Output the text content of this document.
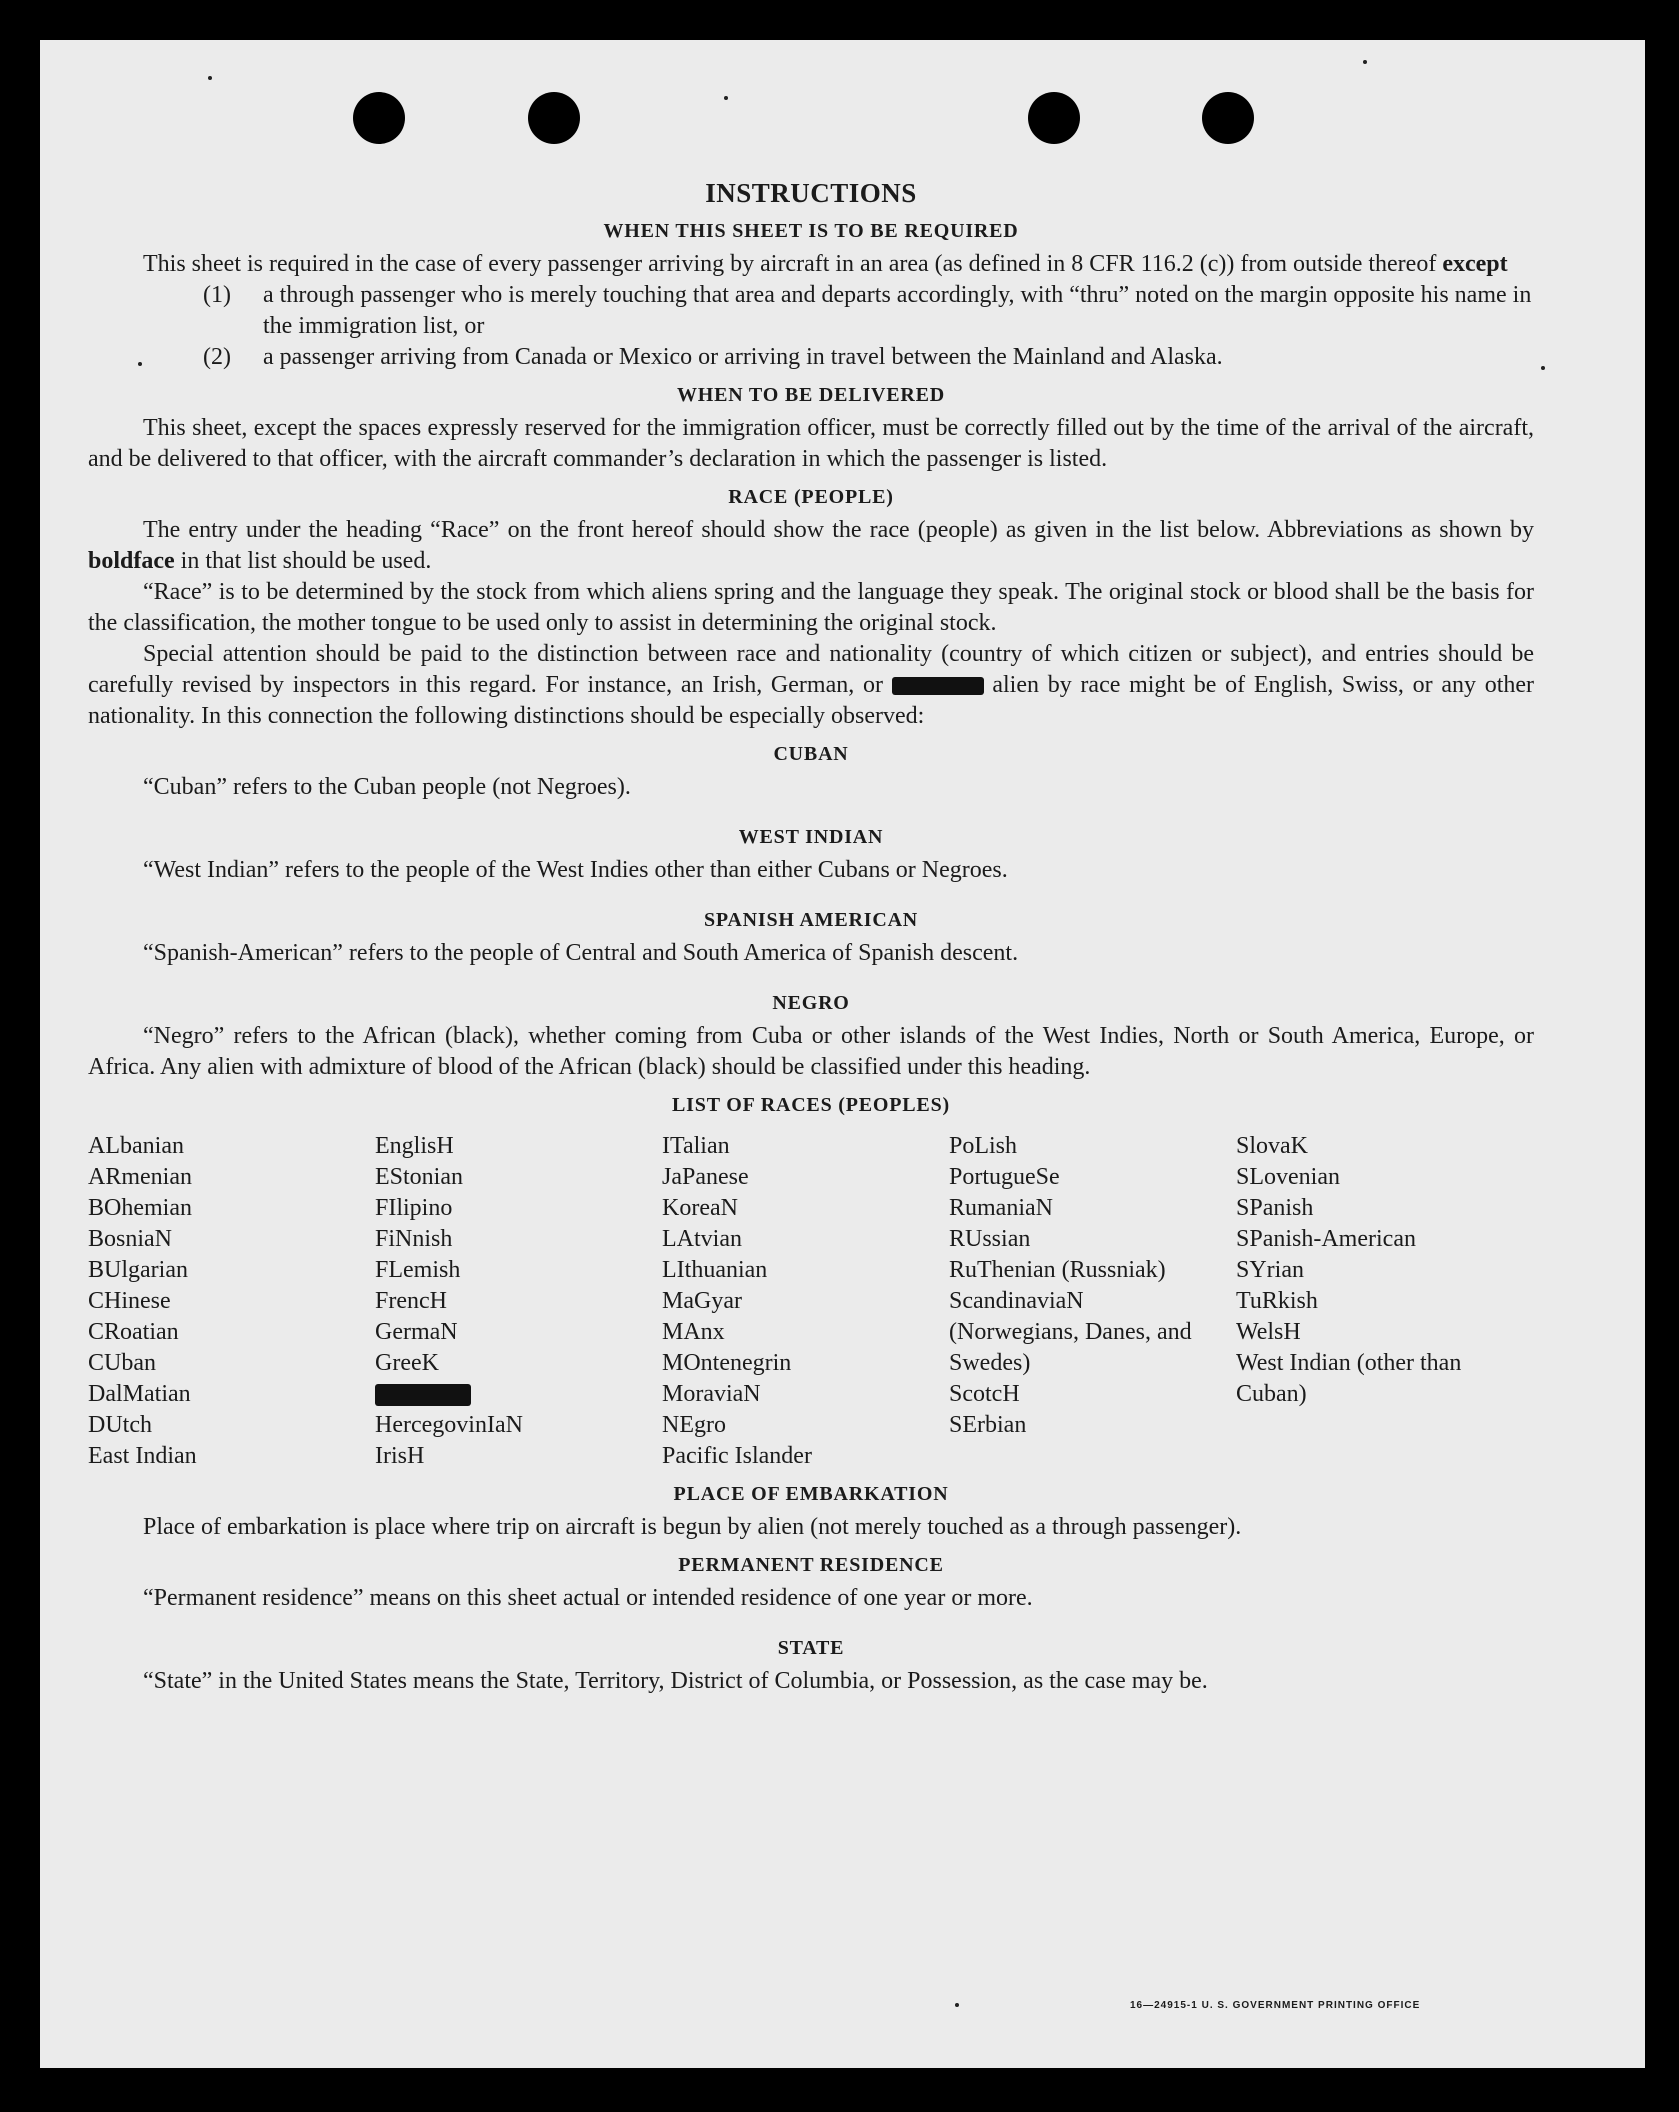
INSTRUCTIONS
WHEN THIS SHEET IS TO BE REQUIRED

This sheet is required in the case of every passenger arriving by aircraft in an area (as defined in 8 CFR 116.2 (c)) from outside thereof except

(1)	a through passenger who is merely touching that area and departs accordingly, with “thru” noted on the margin opposite his name in the immigration list, or
(2)	a passenger arriving from Canada or Mexico or arriving in travel between the Mainland and Alaska.
WHEN TO BE DELIVERED

This sheet, except the spaces expressly reserved for the immigration officer, must be correctly filled out by the time of the arrival of the aircraft, and be delivered to that officer, with the aircraft commander’s declaration in which the passenger is listed.

RACE (PEOPLE)

The entry under the heading “Race” on the front hereof should show the race (people) as given in the list below. Abbreviations as shown by boldface in that list should be used.

“Race” is to be determined by the stock from which aliens spring and the language they speak. The original stock or blood shall be the basis for the classification, the mother tongue to be used only to assist in determining the original stock.

Special attention should be paid to the distinction between race and nationality (country of which citizen or subject), and entries should be carefully revised by inspectors in this regard. For instance, an Irish, German, or	alien by race might be of English, Swiss, or any other nationality. In this connection the following distinctions should be especially observed:

CUBAN

“Cuban” refers to the Cuban people (not Negroes).

WEST INDIAN

“West Indian” refers to the people of the West Indies other than either Cubans or Negroes.

SPANISH AMERICAN

“Spanish-American” refers to the people of Central and South America of Spanish descent.

NEGRO

“Negro” refers to the African (black), whether coming from Cuba or other islands of the West Indies, North or South America, Europe, or Africa. Any alien with admixture of blood of the African (black) should be classified under this heading.

LIST OF RACES (PEOPLES)
ALbanian
ARmenian
BOhemian
BosniaN
BUlgarian
CHinese
CRoatian
CUban
DalMatian
DUtch
East Indian
EnglisH
EStonian
FIlipino
FiNnish
FLemish
FrencH
GermaN
GreeK
HercegovinIaN
IrisH
ITalian
JaPanese
KoreaN
LAtvian
LIthuanian
MaGyar
MAnx
MOntenegrin
MoraviaN
NEgro
Pacific Islander
PoLish
PortugueSe
RumaniaN
RUssian
RuThenian (Russniak)
ScandinaviaN (Norwegians, Danes, and Swedes)
ScotcH
SErbian
SlovaK
SLovenian
SPanish
SPanish-American
SYrian
TuRkish
WelsH
West Indian (other than Cuban)
PLACE OF EMBARKATION

Place of embarkation is place where trip on aircraft is begun by alien (not merely touched as a through passenger).

PERMANENT RESIDENCE

“Permanent residence” means on this sheet actual or intended residence of one year or more.

STATE

“State” in the United States means the State, Territory, District of Columbia, or Possession, as the case may be.

16—24915-1 U. S. GOVERNMENT PRINTING OFFICE
